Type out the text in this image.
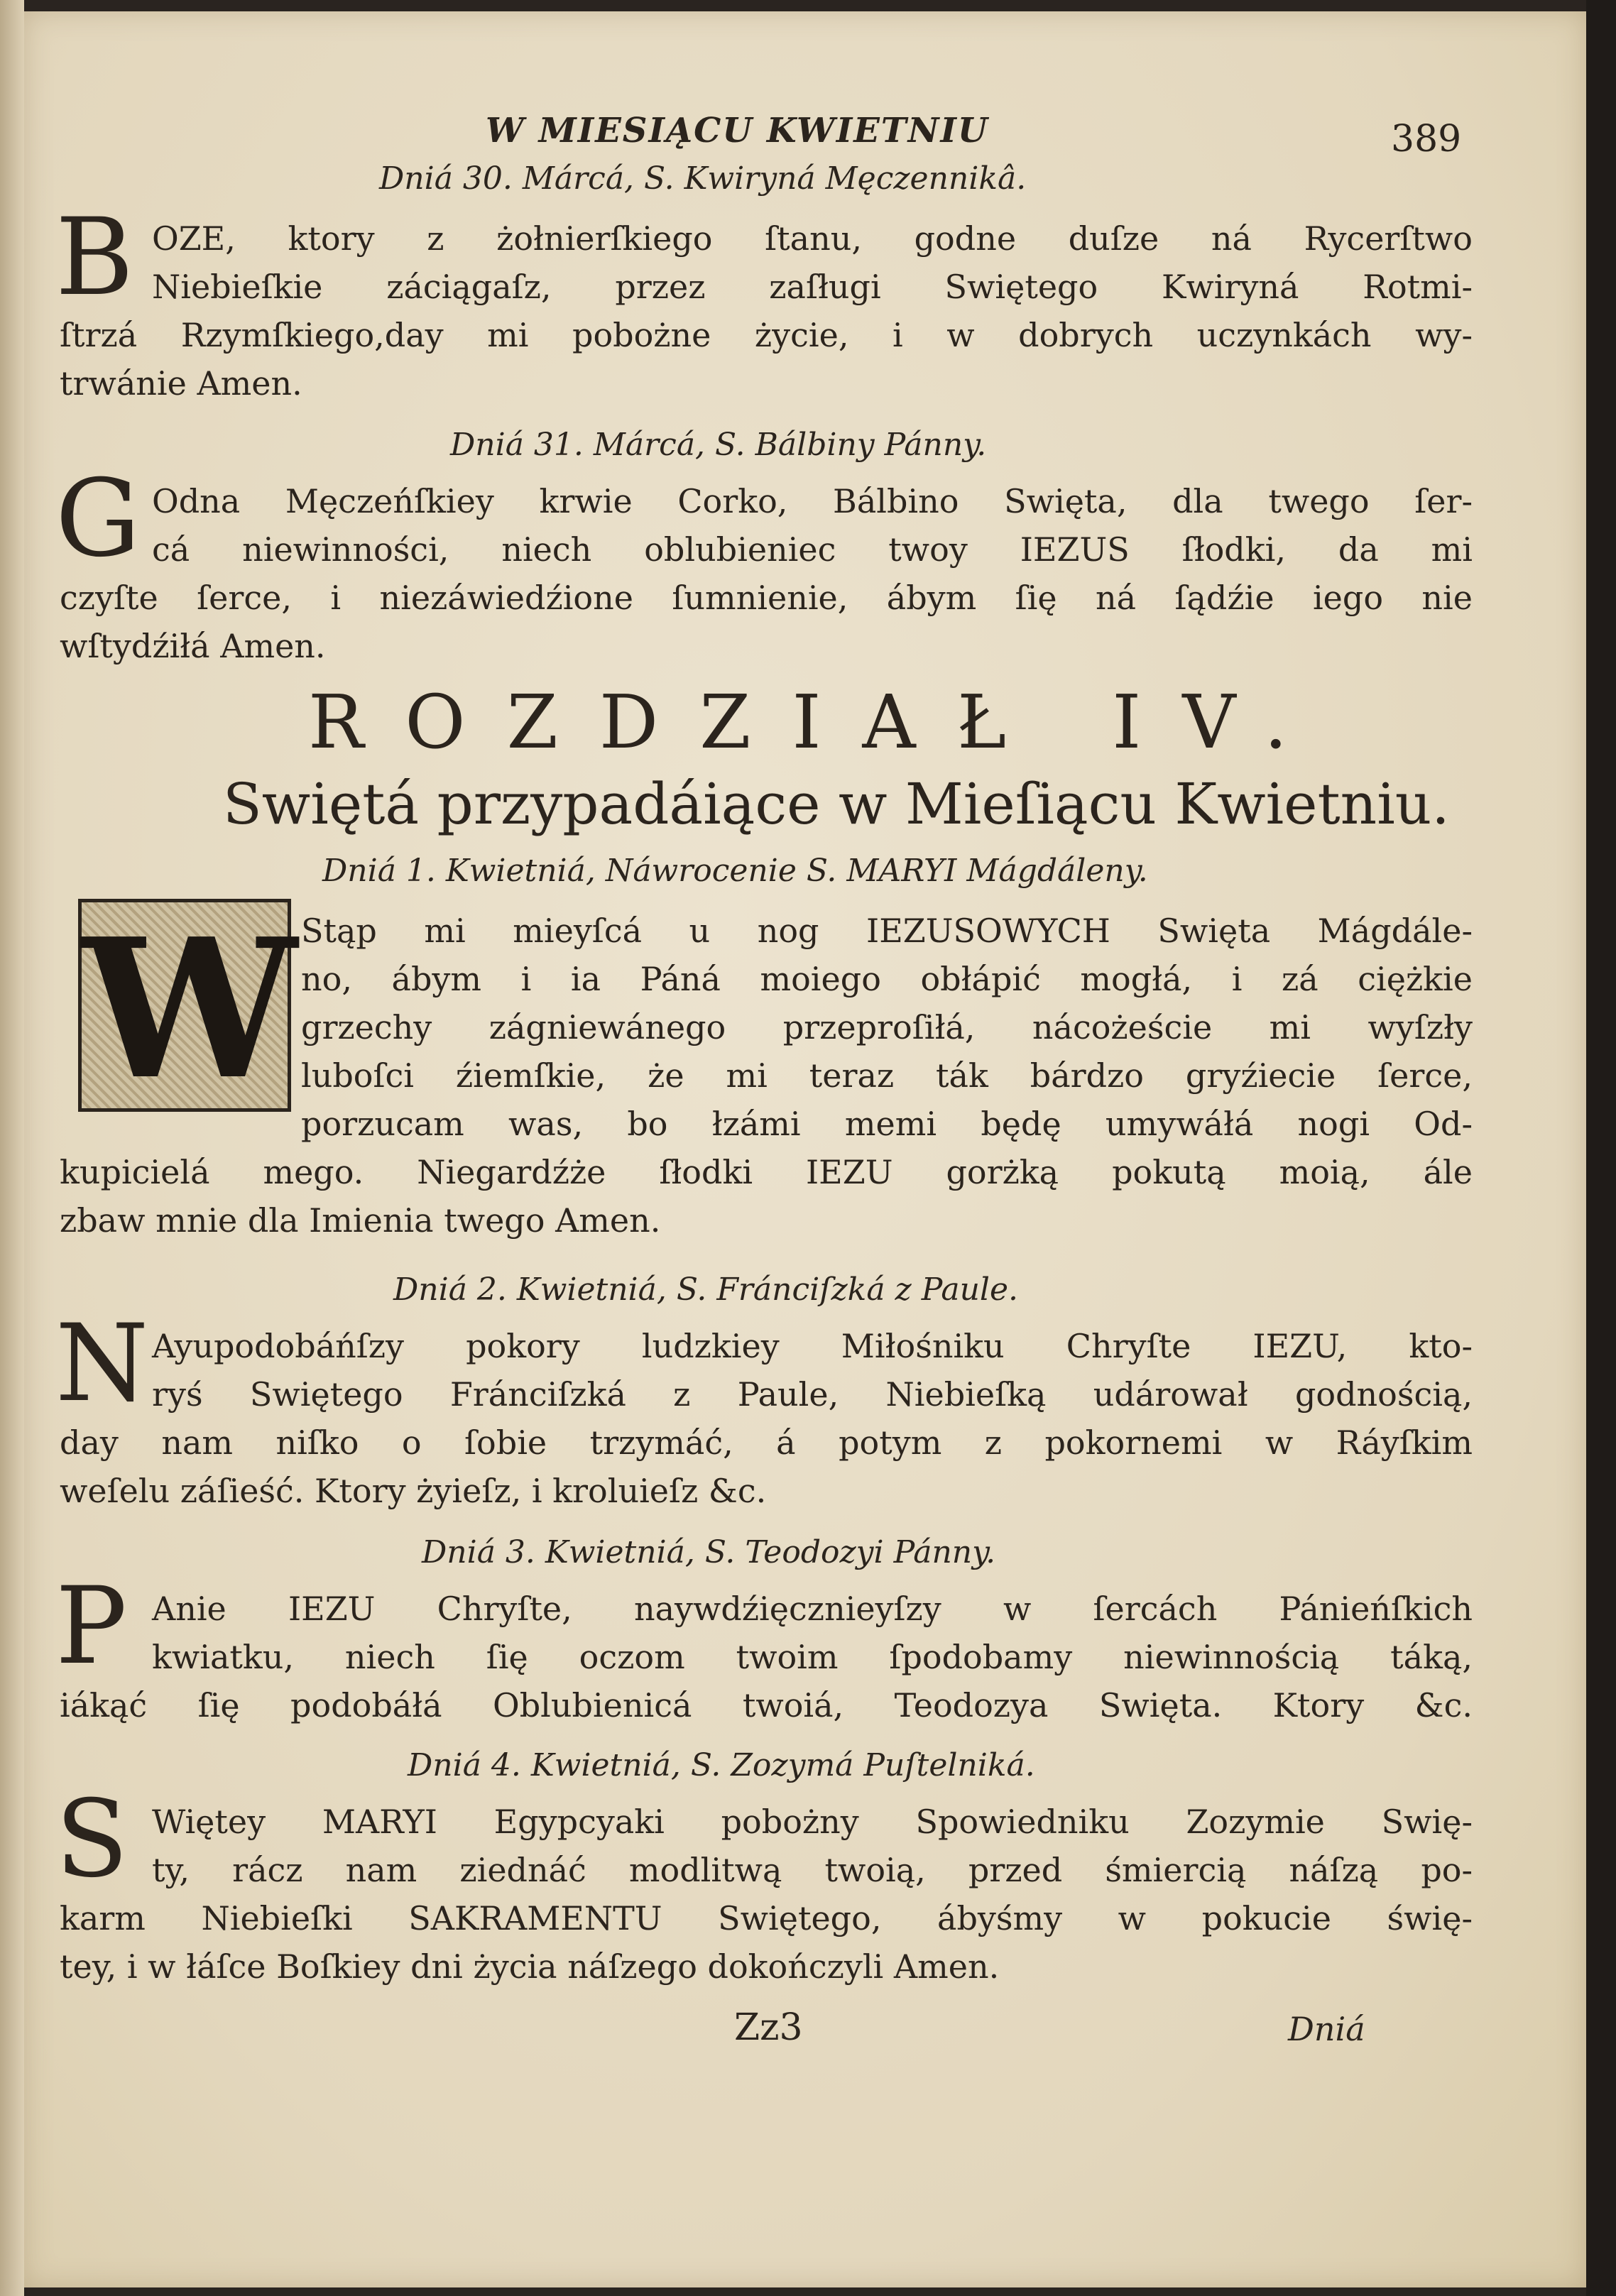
W MIESIĄCU KWIETNIU	389
Dniá 30. Márcá, S. Kwiryná Męczennikâ.
B OZE, ktory z żołnierſkiego ſtanu, godne duſze ná Rycerſtwo
Niebieſkie záciągaſz, przez zaſługi Swiętego Kwiryná Rotmi-
ſtrzá Rzymſkiego,day mi pobożne życie, i w dobrych uczynkách wy-
trwánie Amen.
Dniá 31. Márcá, S. Bálbiny Pánny.
G Odna Męczeńſkiey krwie Corko, Bálbino Swięta, dla twego ſer-
cá niewinności, niech oblubieniec twoy IEZUS ſłodki, da mi
czyſte ſerce, i niezáwiedźione ſumnienie, ábym ſię ná ſądźie iego nie
wſtydźiłá Amen.
ROZDZIAŁ IV.
Swiętá przypadáiące w Mieſiącu Kwietniu.
Dniá 1. Kwietniá, Náwrocenie S. MARYI Mágdáleny.
W Stąp mi mieyſcá u nog IEZUSOWYCH Swięta Mágdále-
no, ábym i ia Páná moiego obłápić mogłá, i zá ciężkie
grzechy zágniewánego przeproſiłá, nácożeście mi wyſzły
luboſci źiemſkie, że mi teraz ták bárdzo gryźiecie ſerce,
porzucam was, bo łzámi memi będę umywáłá nogi Od-
kupicielá mego. Niegardźże ſłodki IEZU gorżką pokutą moią, ále
zbaw mnie dla Imienia twego Amen.
Dniá 2. Kwietniá, S. Fránciſzká z Paule.
N Ayupodobáńſzy pokory ludzkiey Miłośniku Chryſte IEZU, kto-
ryś Swiętego Fránciſzká z Paule, Niebieſką udárował godnością,
day nam niſko o ſobie trzymáć, á potym z pokornemi w Ráyſkim
weſelu záſieść. Ktory żyieſz, i kroluieſz &c.
Dniá 3. Kwietniá, S. Teodozyi Pánny.
P Anie IEZU Chryſte, naywdźięcznieyſzy w ſercách Pánieńſkich
kwiatku, niech ſię oczom twoim ſpodobamy niewinnością táką,
iákąć ſię podobáłá Oblubienicá twoiá, Teodozya Swięta. Ktory &c.
Dniá 4. Kwietniá, S. Zozymá Puſtelniká.
S Więtey MARYI Egypcyaki pobożny Spowiedniku Zozymie Swię-
ty, rácz nam ziednáć modlitwą twoią, przed śmiercią náſzą po-
karm Niebieſki SAKRAMENTU Swiętego, ábyśmy w pokucie świę-
tey, i w łáſce Boſkiey dni życia náſzego dokończyli Amen.
Zz3	Dniá
